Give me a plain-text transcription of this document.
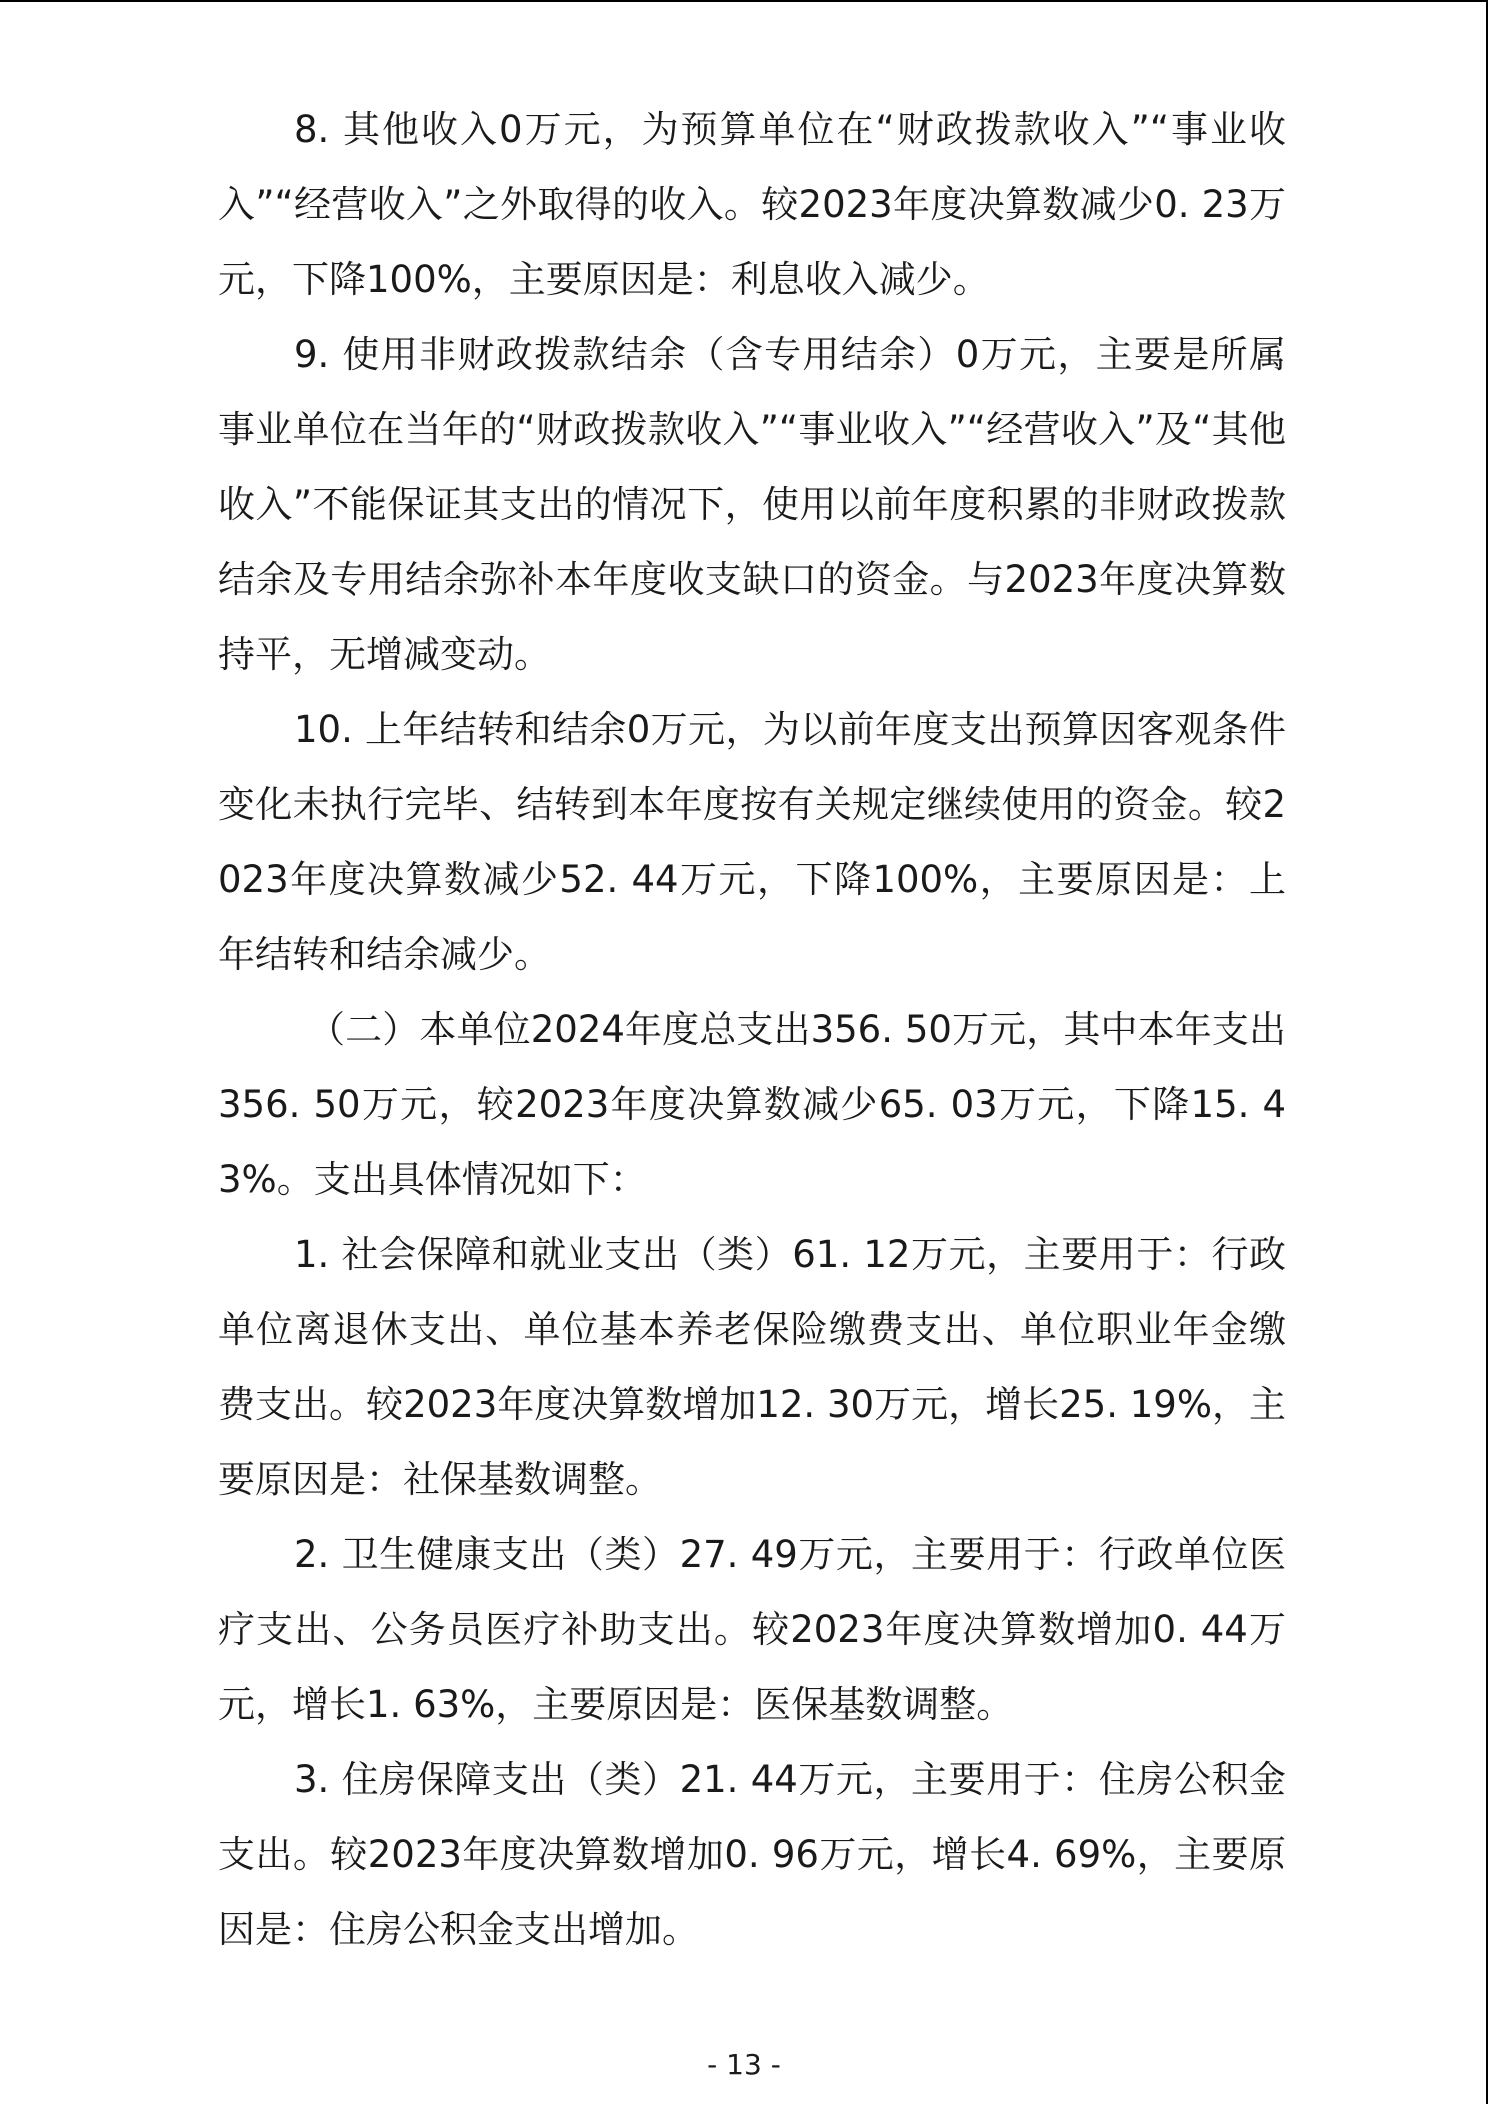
8. 其他收入0万元，为预算单位在“财政拨款收入”“事业收入”“经营收入”之外取得的收入。较2023年度决算数减少0. 23万元，下降100%，主要原因是：利息收入减少。

9. 使用非财政拨款结余（含专用结余）0万元，主要是所属事业单位在当年的“财政拨款收入”“事业收入”“经营收入”及“其他收入”不能保证其支出的情况下，使用以前年度积累的非财政拨款结余及专用结余弥补本年度收支缺口的资金。与2023年度决算数持平，无增减变动。

10. 上年结转和结余0万元，为以前年度支出预算因客观条件变化未执行完毕、结转到本年度按有关规定继续使用的资金。较2023年度决算数减少52. 44万元，下降100%，主要原因是：上年结转和结余减少。

（二）本单位2024年度总支出356. 50万元，其中本年支出356. 50万元，较2023年度决算数减少65. 03万元，下降15. 43%。支出具体情况如下：

1. 社会保障和就业支出（类）61. 12万元，主要用于：行政单位离退休支出、单位基本养老保险缴费支出、单位职业年金缴费支出。较2023年度决算数增加12. 30万元，增长25. 19%，主要原因是：社保基数调整。

2. 卫生健康支出（类）27. 49万元，主要用于：行政单位医疗支出、公务员医疗补助支出。较2023年度决算数增加0. 44万元，增长1. 63%，主要原因是：医保基数调整。

3. 住房保障支出（类）21. 44万元，主要用于：住房公积金支出。较2023年度决算数增加0. 96万元，增长4. 69%，主要原因是：住房公积金支出增加。

- 13 -
